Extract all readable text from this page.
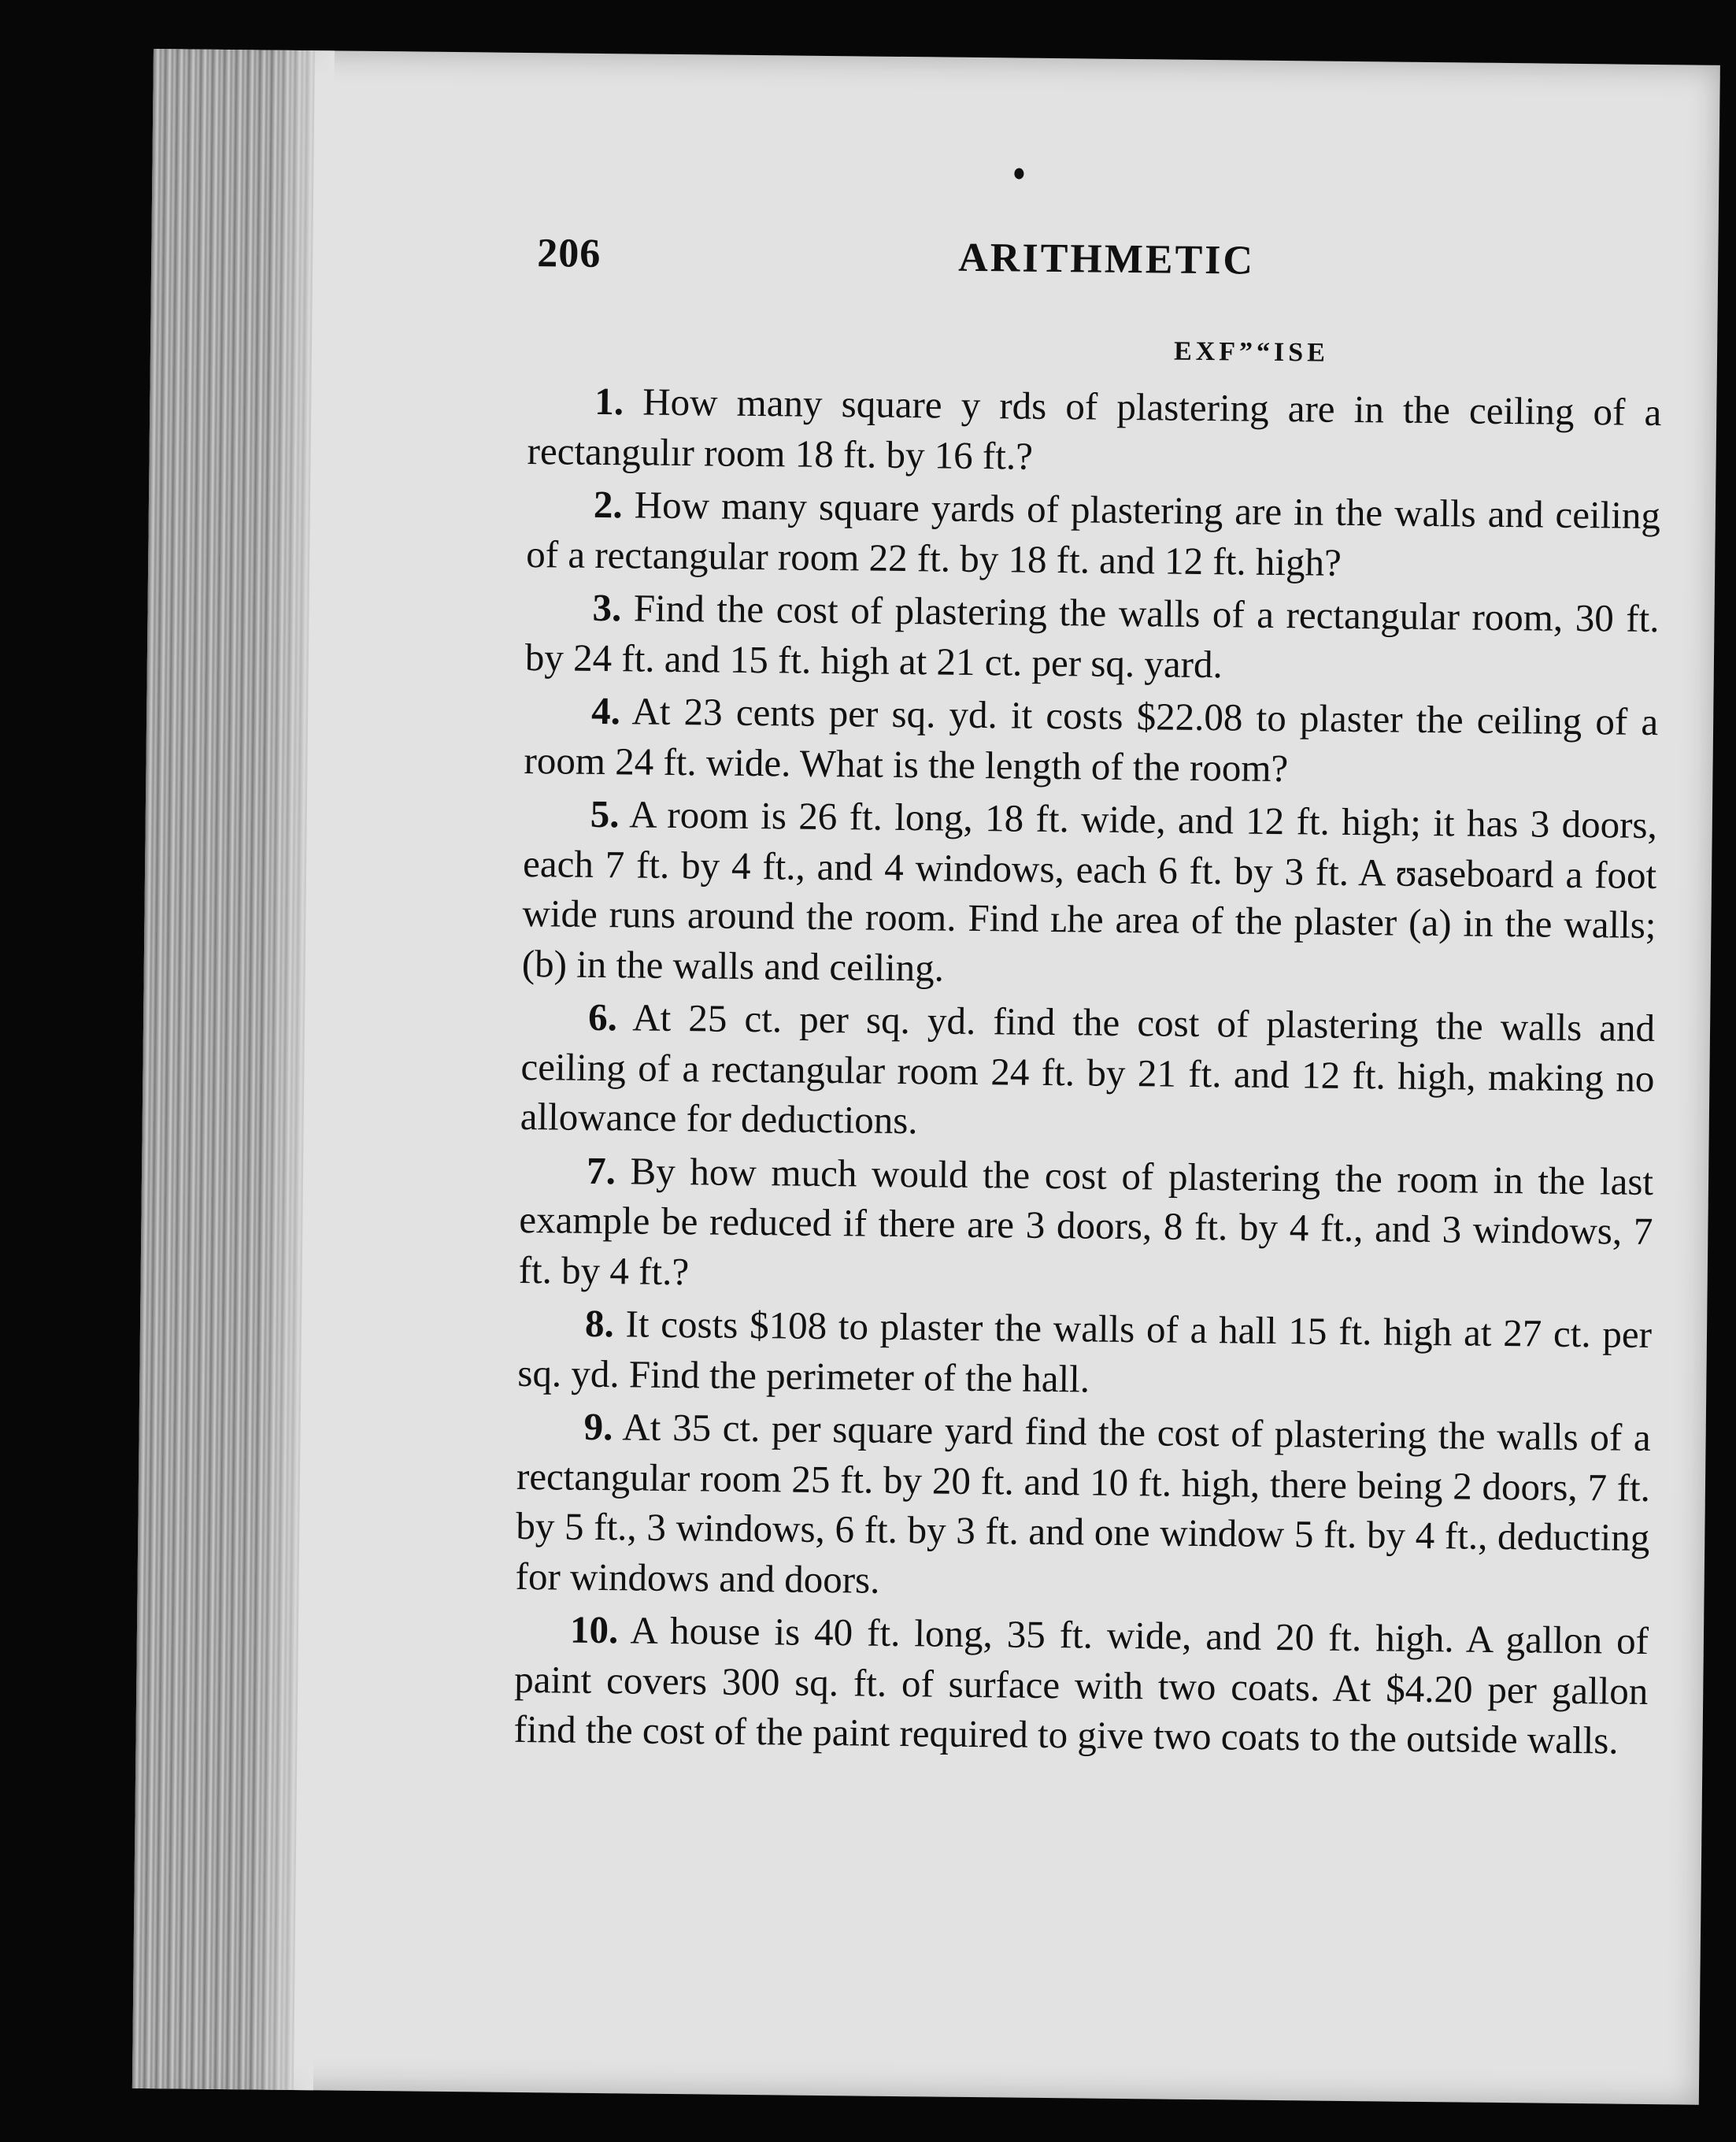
206	ARITHMETIC
EXF”“ISE

1. How many square y rds of plastering are in the ceiling of a rectangulır room 18 ft. by 16 ft.?

2. How many square yards of plastering are in the walls and ceiling of a rectangular room 22 ft. by 18 ft. and 12 ft. high?

3. Find the cost of plastering the walls of a rectangular room, 30 ft. by 24 ft. and 15 ft. high at 21 ct. per sq. yard.

4. At 23 cents per sq. yd. it costs $22.08 to plaster the ceiling of a room 24 ft. wide. What is the length of the room?

5. A room is 26 ft. long, 18 ft. wide, and 12 ft. high; it has 3 doors, each 7 ft. by 4 ft., and 4 windows, each 6 ft. by 3 ft. A ʊaseboard a foot wide runs around the room. Find ʟhe area of the plaster (a) in the walls; (b) in the walls and ceiling.

6. At 25 ct. per sq. yd. find the cost of plastering the walls and ceiling of a rectangular room 24 ft. by 21 ft. and 12 ft. high, making no allowance for deductions.

7. By how much would the cost of plastering the room in the last example be reduced if there are 3 doors, 8 ft. by 4 ft., and 3 windows, 7 ft. by 4 ft.?

8. It costs $108 to plaster the walls of a hall 15 ft. high at 27 ct. per sq. yd. Find the perimeter of the hall.

9. At 35 ct. per square yard find the cost of plastering the walls of a rectangular room 25 ft. by 20 ft. and 10 ft. high, there being 2 doors, 7 ft. by 5 ft., 3 windows, 6 ft. by 3 ft. and one window 5 ft. by 4 ft., deducting for windows and doors.

10. A house is 40 ft. long, 35 ft. wide, and 20 ft. high. A gallon of paint covers 300 sq. ft. of surface with two coats. At $4.20 per gallon find the cost of the paint required to give two coats to the outside walls.
